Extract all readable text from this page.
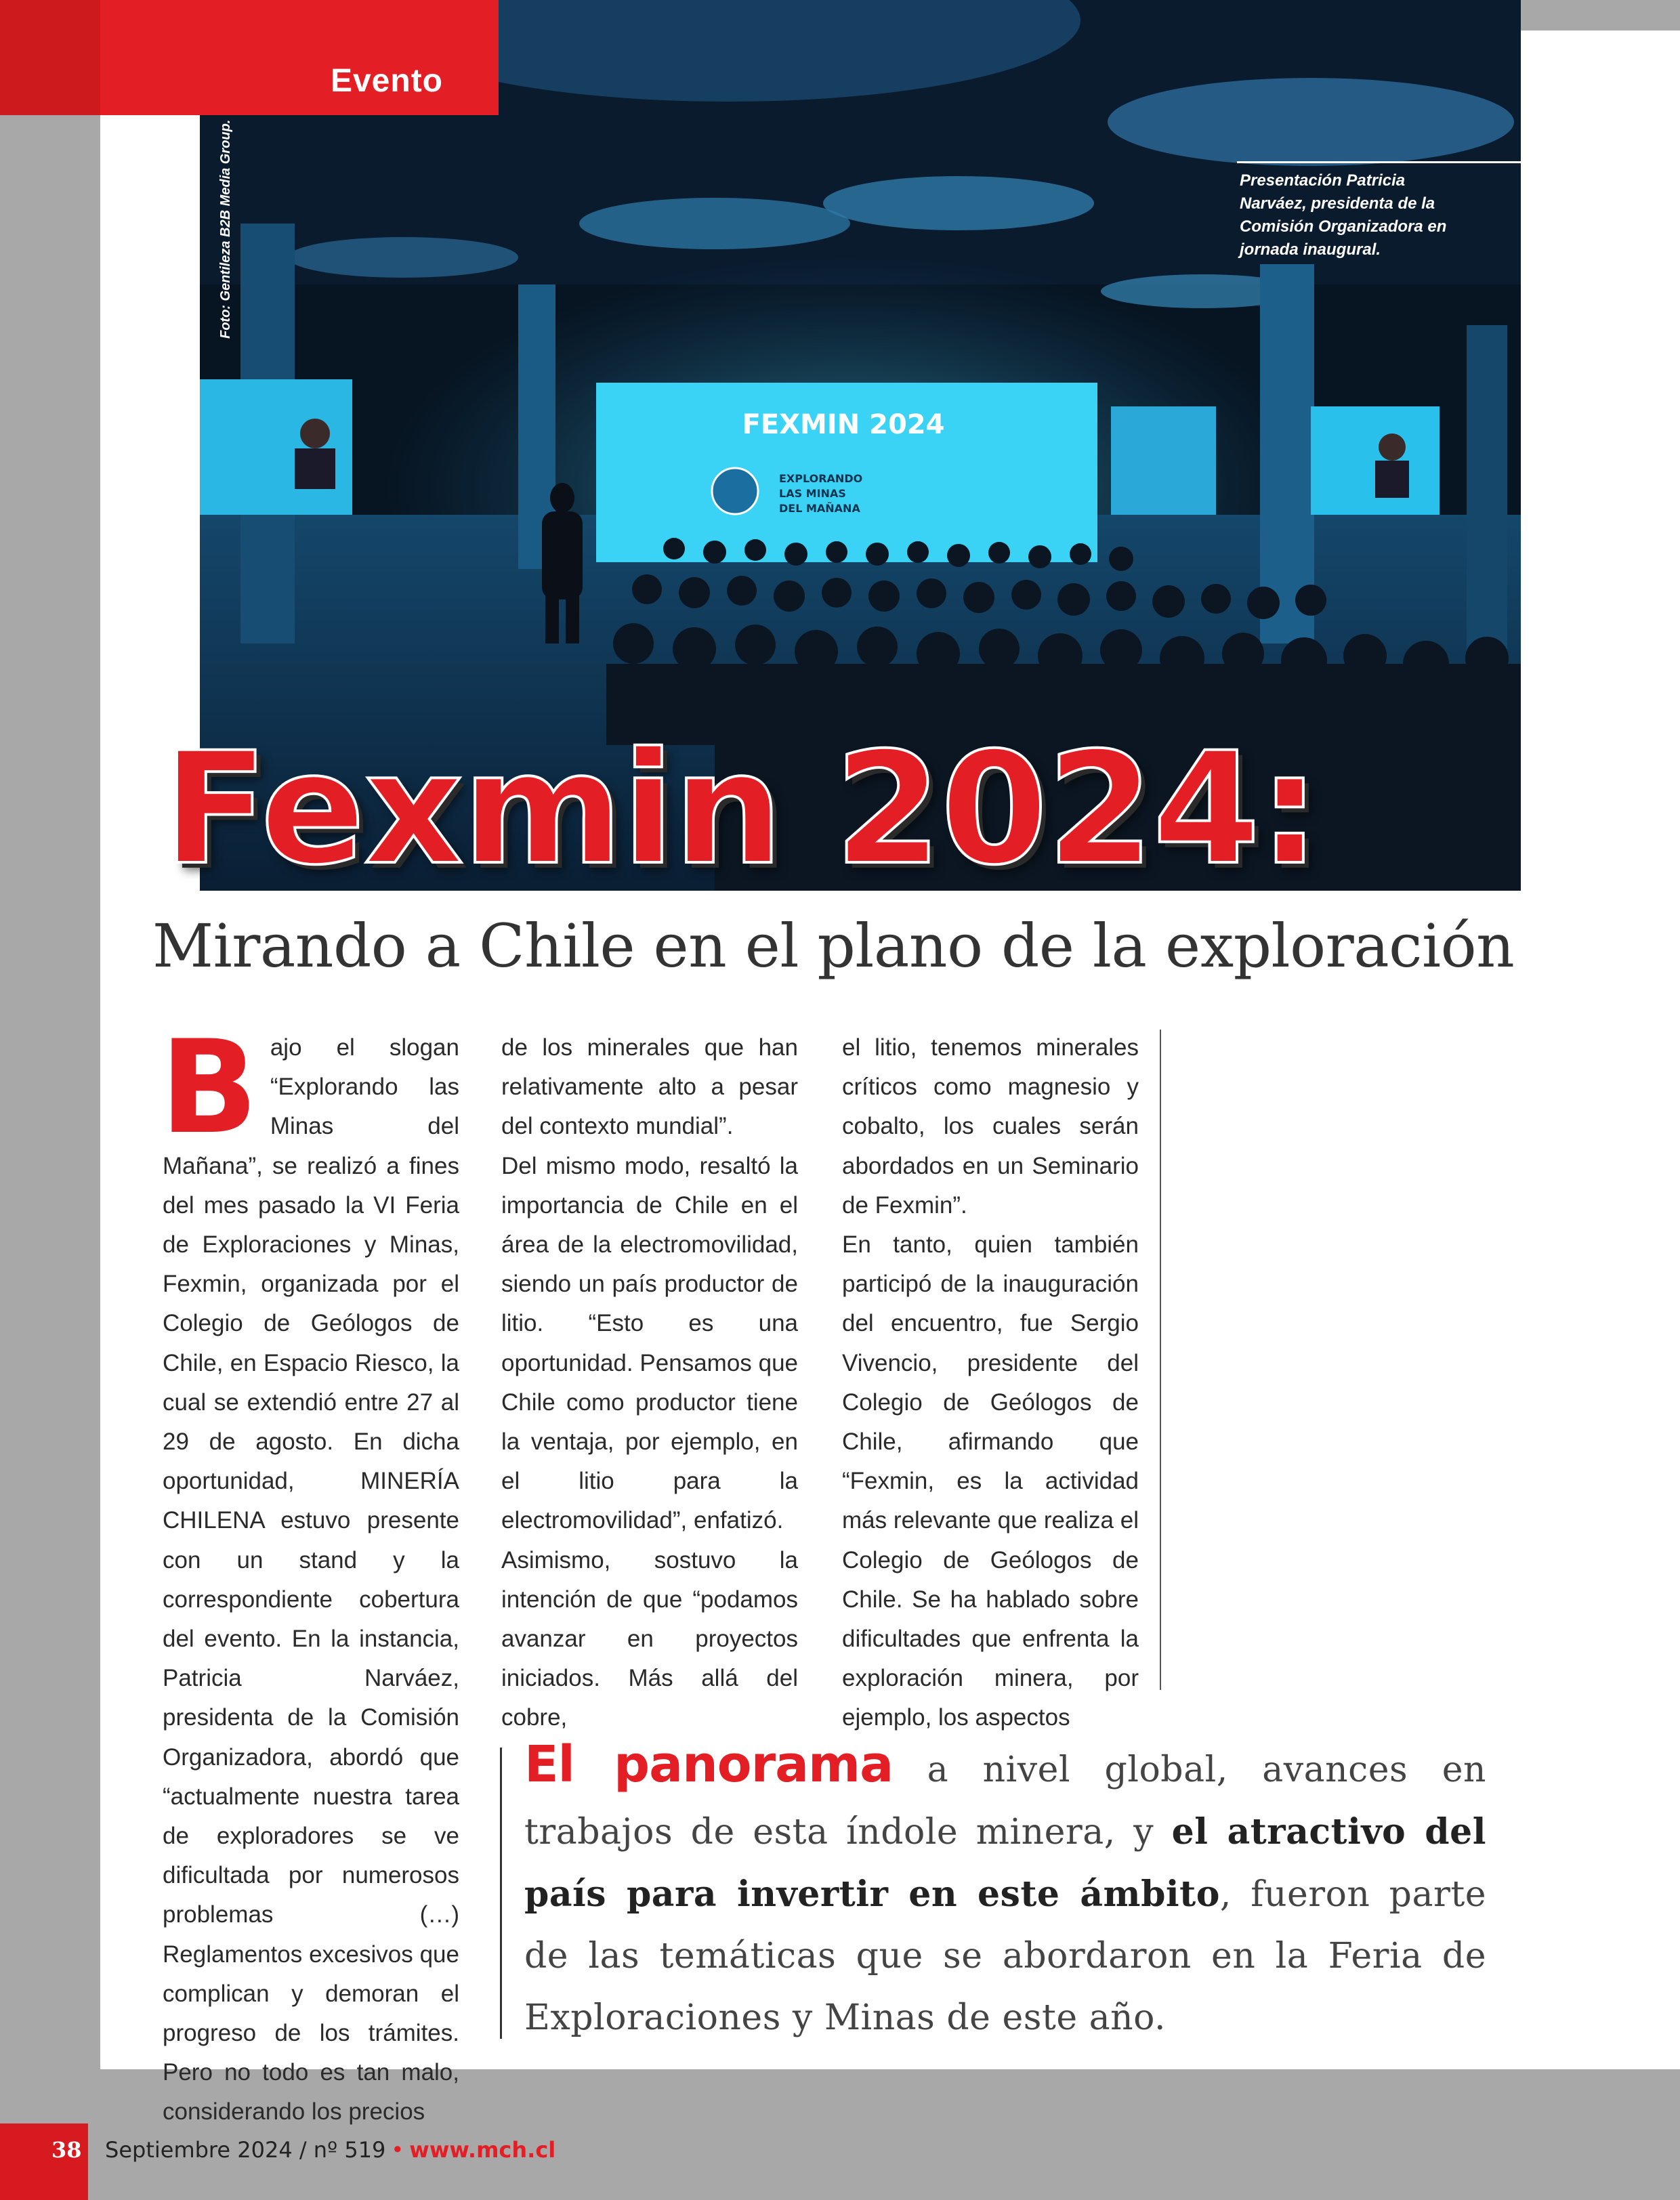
FEXMIN 2024
EXPLORANDO
LAS MINAS
DEL MAÑANA
Foto: Gentileza B2B Media Group.	Presentación Patricia Narváez, presidenta de la Comisión Organizadora en jornada inaugural.
Evento
Fexmin 2024:
Mirando a Chile en el plano de la exploración
B ajo el slogan “Explorando las Minas del Mañana”, se realizó a fines del mes pasado la VI Feria de Exploraciones y Minas, Fexmin, organizada por el Colegio de Geólogos de Chile, en Espacio Riesco, la cual se extendió entre 27 al 29 de agosto. En dicha oportunidad, MINERÍA CHILENA estuvo presente con un stand y la correspondiente cobertura del evento. En la instancia, Patricia Narváez, presidenta de la Comisión Organizadora, abordó que “actualmente nuestra tarea de exploradores se ve dificultada por numerosos problemas (…) Reglamentos excesivos que complican y demoran el progreso de los trámites. Pero no todo es tan malo, considerando los precios

de los minerales que han relativamente alto a pesar del contexto mundial”.

Del mismo modo, resaltó la importancia de Chile en el área de la electromovilidad, siendo un país productor de litio. “Esto es una oportunidad. Pensamos que Chile como productor tiene la ventaja, por ejemplo, en el litio para la electromovilidad”, enfatizó.

Asimismo, sostuvo la intención de que “podamos avanzar en proyectos iniciados. Más allá del cobre,

el litio, tenemos minerales críticos como magnesio y cobalto, los cuales serán abordados en un Seminario de Fexmin”.

En tanto, quien también participó de la inauguración del encuentro, fue Sergio Vivencio, presidente del Colegio de Geólogos de Chile, afirmando que “Fexmin, es la actividad más relevante que realiza el Colegio de Geólogos de Chile. Se ha hablado sobre dificultades que enfrenta la exploración minera, por ejemplo, los aspectos

El panorama a nivel global, avances en trabajos de esta índole minera, y el atractivo del país para invertir en este ámbito, fueron parte de las temáticas que se abordaron en la Feria de Exploraciones y Minas de este año.
38 Septiembre 2024 / nº 519 • www.mch.cl
